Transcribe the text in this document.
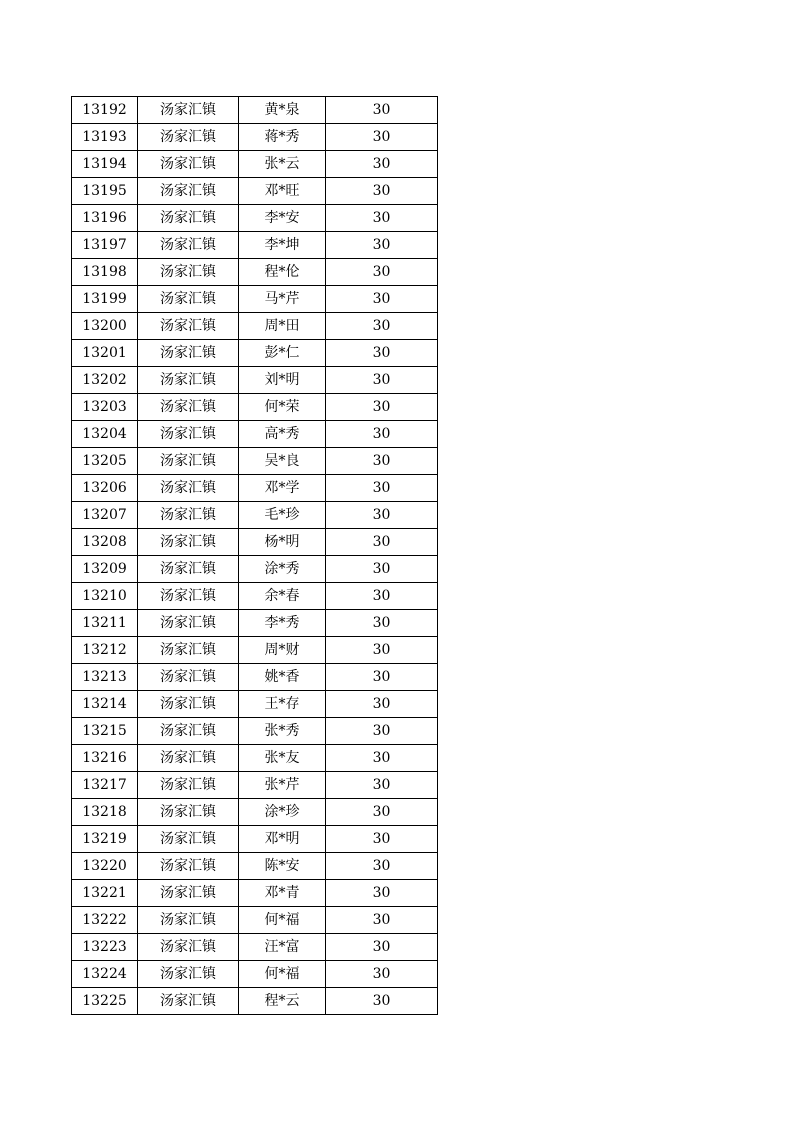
13192	汤家汇镇	黄*泉	30
13193	汤家汇镇	蒋*秀	30
13194	汤家汇镇	张*云	30
13195	汤家汇镇	邓*旺	30
13196	汤家汇镇	李*安	30
13197	汤家汇镇	李*坤	30
13198	汤家汇镇	程*伦	30
13199	汤家汇镇	马*芹	30
13200	汤家汇镇	周*田	30
13201	汤家汇镇	彭*仁	30
13202	汤家汇镇	刘*明	30
13203	汤家汇镇	何*荣	30
13204	汤家汇镇	高*秀	30
13205	汤家汇镇	吴*良	30
13206	汤家汇镇	邓*学	30
13207	汤家汇镇	毛*珍	30
13208	汤家汇镇	杨*明	30
13209	汤家汇镇	涂*秀	30
13210	汤家汇镇	余*春	30
13211	汤家汇镇	李*秀	30
13212	汤家汇镇	周*财	30
13213	汤家汇镇	姚*香	30
13214	汤家汇镇	王*存	30
13215	汤家汇镇	张*秀	30
13216	汤家汇镇	张*友	30
13217	汤家汇镇	张*芹	30
13218	汤家汇镇	涂*珍	30
13219	汤家汇镇	邓*明	30
13220	汤家汇镇	陈*安	30
13221	汤家汇镇	邓*青	30
13222	汤家汇镇	何*福	30
13223	汤家汇镇	汪*富	30
13224	汤家汇镇	何*福	30
13225	汤家汇镇	程*云	30
